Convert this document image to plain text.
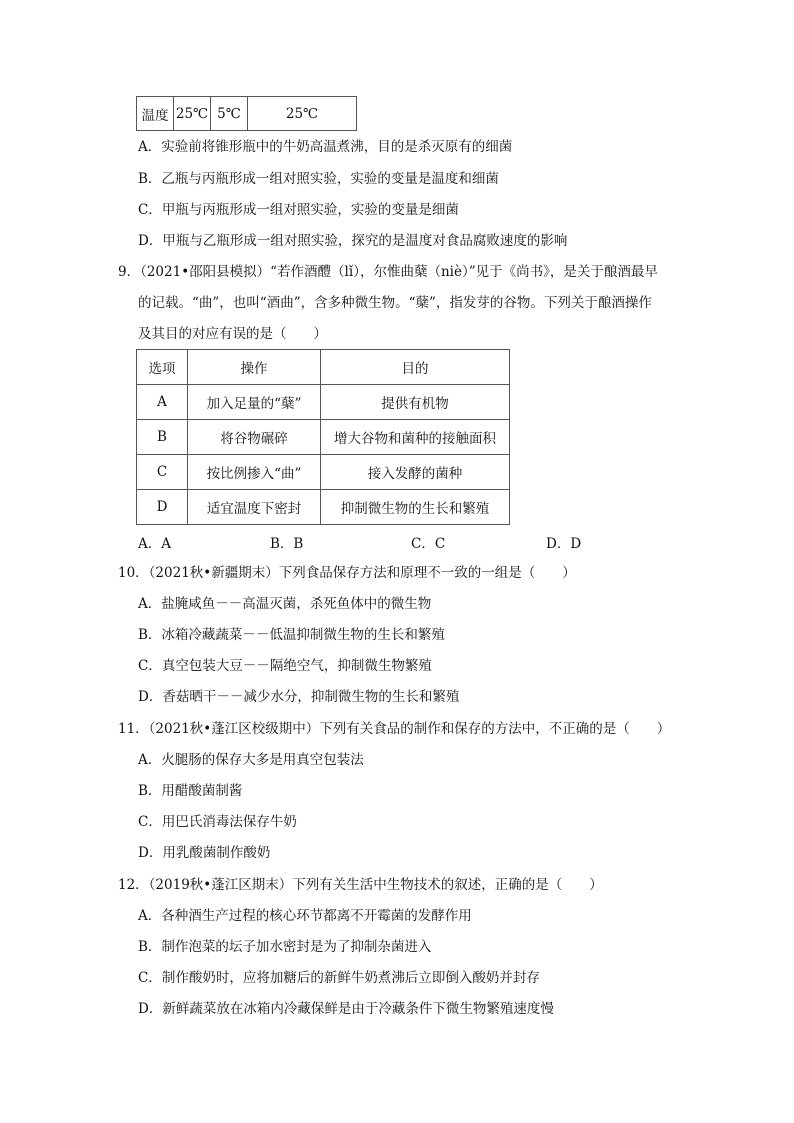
温度	25℃	5℃	25℃
A．实验前将锥形瓶中的牛奶高温煮沸，目的是杀灭原有的细菌
B．乙瓶与丙瓶形成一组对照实验，实验的变量是温度和细菌
C．甲瓶与丙瓶形成一组对照实验，实验的变量是细菌
D．甲瓶与乙瓶形成一组对照实验，探究的是温度对食品腐败速度的影响
9．（2021•邵阳县模拟）“若作酒醴（lǐ），尔惟曲蘖（niè）”见于《尚书》，是关于酿酒最早
的记载。“曲”，也叫“酒曲”，含多种微生物。“蘖”，指发芽的谷物。下列关于酿酒操作
及其目的对应有误的是（　　）
选项	操作	目的
A	加入足量的“蘖”	提供有机物
B	将谷物碾碎	增大谷物和菌种的接触面积
C	按比例掺入“曲”	接入发酵的菌种
D	适宜温度下密封	抑制微生物的生长和繁殖
A．A	B．B	C．C	D．D
10．（2021秋•新疆期末）下列食品保存方法和原理不一致的一组是（　　）
A．盐腌咸鱼－－高温灭菌，杀死鱼体中的微生物
B．冰箱冷藏蔬菜－－低温抑制微生物的生长和繁殖
C．真空包装大豆－－隔绝空气，抑制微生物繁殖
D．香菇晒干－－减少水分，抑制微生物的生长和繁殖
11．（2021秋•蓬江区校级期中）下列有关食品的制作和保存的方法中，不正确的是（　　）
A．火腿肠的保存大多是用真空包装法
B．用醋酸菌制酱
C．用巴氏消毒法保存牛奶
D．用乳酸菌制作酸奶
12．（2019秋•蓬江区期末）下列有关生活中生物技术的叙述，正确的是（　　）
A．各种酒生产过程的核心环节都离不开霉菌的发酵作用
B．制作泡菜的坛子加水密封是为了抑制杂菌进入
C．制作酸奶时，应将加糖后的新鲜牛奶煮沸后立即倒入酸奶并封存
D．新鲜蔬菜放在冰箱内冷藏保鲜是由于冷藏条件下微生物繁殖速度慢
